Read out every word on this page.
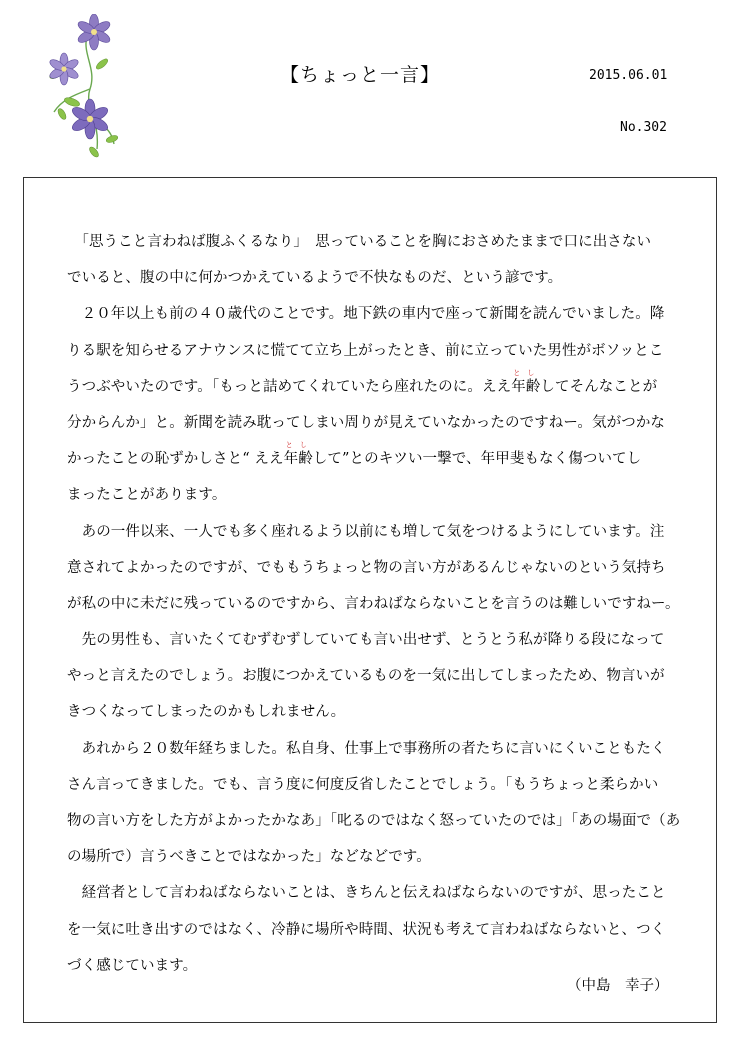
【ちょっと一言】	2015.06.01
No.302
　「思うこと言わねば腹ふくるなり」　思っていることを胸におさめたままで口に出さない
でいると、腹の中に何かつかえているようで不快なものだ、という諺です。
　２０年以上も前の４０歳代のことです。地下鉄の車内で座って新聞を読んでいました。降
りる駅を知らせるアナウンスに慌てて立ち上がったとき、前に立っていた男性がボソッとこ
うつぶやいたのです。「もっと詰めてくれていたら座れたのに。ええ
と　し
年齢してそんなことが
分からんか」と。新聞を読み耽ってしまい周りが見えていなかったのですねー。気がつかな
かったことの恥ずかしさと“ ええ
と　し
年齢して”とのキツい一撃で、年甲斐もなく傷ついてし
まったことがあります。
　あの一件以来、一人でも多く座れるよう以前にも増して気をつけるようにしています。注
意されてよかったのですが、でももうちょっと物の言い方があるんじゃないのという気持ち
が私の中に未だに残っているのですから、言わねばならないことを言うのは難しいですねー。
　先の男性も、言いたくてむずむずしていても言い出せず、とうとう私が降りる段になって
やっと言えたのでしょう。お腹につかえているものを一気に出してしまったため、物言いが
きつくなってしまったのかもしれません。
　あれから２０数年経ちました。私自身、仕事上で事務所の者たちに言いにくいこともたく
さん言ってきました。でも、言う度に何度反省したことでしょう。「もうちょっと柔らかい
物の言い方をした方がよかったかなあ」「叱るのではなく怒っていたのでは」「あの場面で（あ
の場所で）言うべきことではなかった」などなどです。
　経営者として言わねばならないことは、きちんと伝えねばならないのですが、思ったこと
を一気に吐き出すのではなく、冷静に場所や時間、状況も考えて言わねばならないと、つく
づく感じています。
（中島　幸子）
